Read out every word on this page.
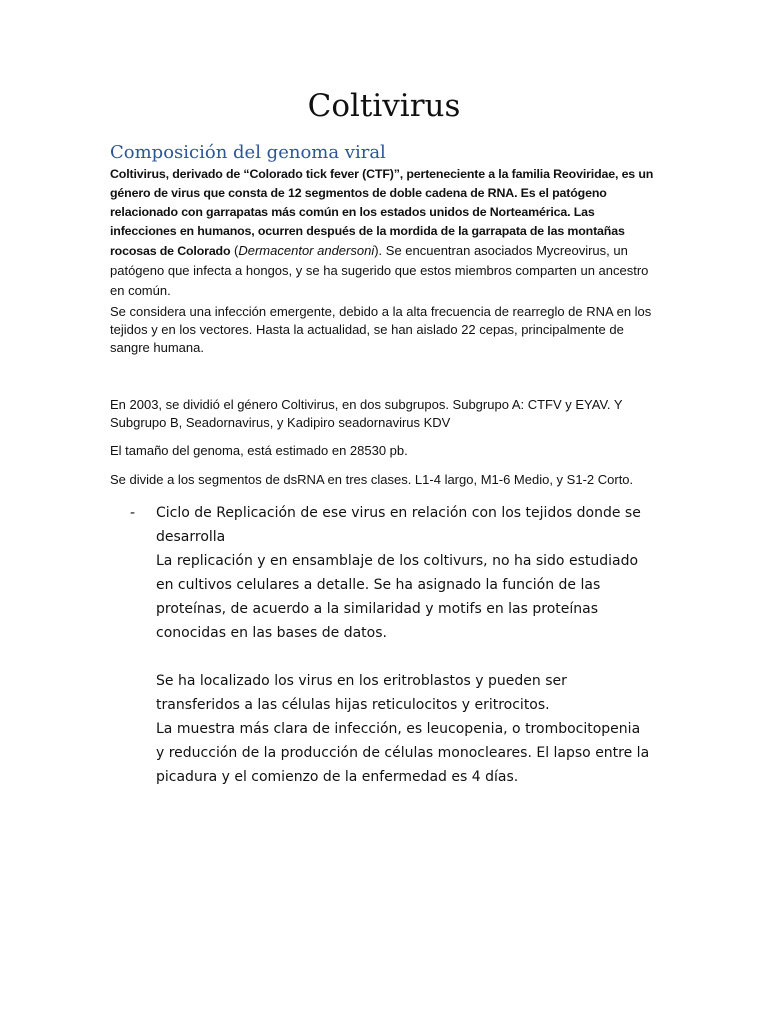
Coltivirus
Composición del genoma viral
Coltivirus, derivado de “Colorado tick fever (CTF)”, perteneciente a la familia Reoviridae, es un género de virus que consta de 12 segmentos de doble cadena de RNA. Es el patógeno relacionado con garrapatas más común en los estados unidos de Norteamérica. Las infecciones en humanos, ocurren después de la mordida de la garrapata de las montañas rocosas de Colorado (Dermacentor andersoni). Se encuentran asociados Mycreovirus, un patógeno que infecta a hongos, y se ha sugerido que estos miembros comparten un ancestro en común.
Se considera una infección emergente, debido a la alta frecuencia de rearreglo de RNA en los tejidos y en los vectores. Hasta la actualidad, se han aislado 22 cepas, principalmente de sangre humana.
En 2003, se dividió el género Coltivirus, en dos subgrupos. Subgrupo A: CTFV y EYAV. Y Subgrupo B, Seadornavirus, y Kadipiro seadornavirus KDV
El tamaño del genoma, está estimado en 28530 pb.
Se divide a los segmentos de dsRNA en tres clases. L1-4 largo, M1-6 Medio, y S1-2 Corto.
-	Ciclo de Replicación de ese virus en relación con los tejidos donde se desarrolla

La replicación y en ensamblaje de los coltivurs, no ha sido estudiado en cultivos celulares a detalle. Se ha asignado la función de las proteínas, de acuerdo a la similaridad y motifs en las proteínas conocidas en las bases de datos.

Se ha localizado los virus en los eritroblastos y pueden ser transferidos a las células hijas reticulocitos y eritrocitos.

La muestra más clara de infección, es leucopenia, o trombocitopenia y reducción de la producción de células monocleares. El lapso entre la picadura y el comienzo de la enfermedad es 4 días.
